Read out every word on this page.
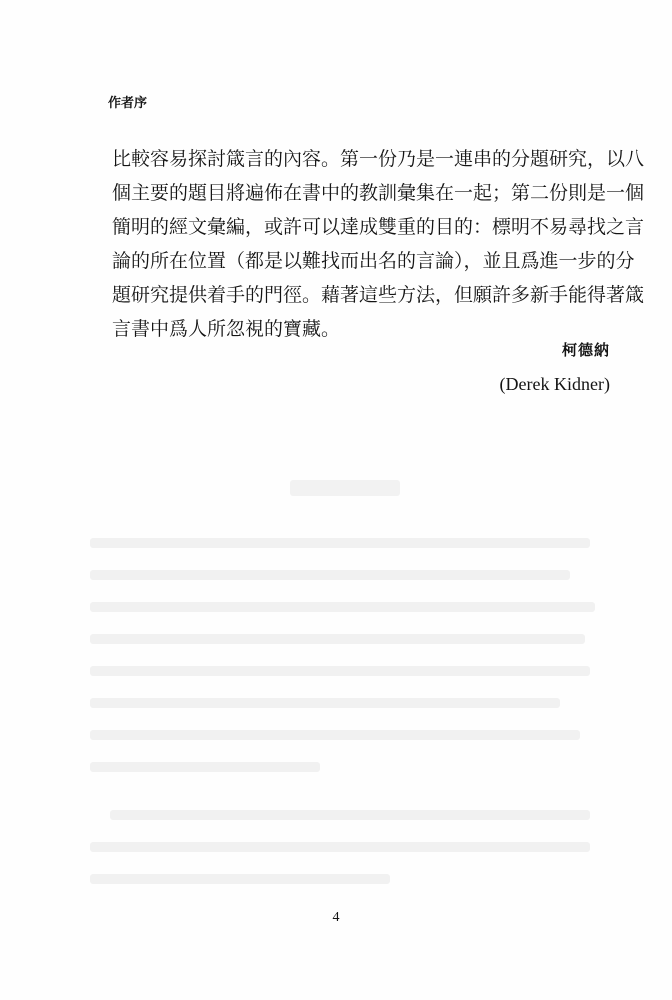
作者序
比較容易探討箴言的內容。第一份乃是一連串的分題研究，以八
個主要的題目將遍佈在書中的教訓彙集在一起；第二份則是一個
簡明的經文彙編，或許可以達成雙重的目的：標明不易尋找之言
論的所在位置（都是以難找而出名的言論），並且爲進一步的分
題研究提供着手的門徑。藉著這些方法，但願許多新手能得著箴
言書中爲人所忽視的寶藏。
柯德納
(Derek Kidner)
4
